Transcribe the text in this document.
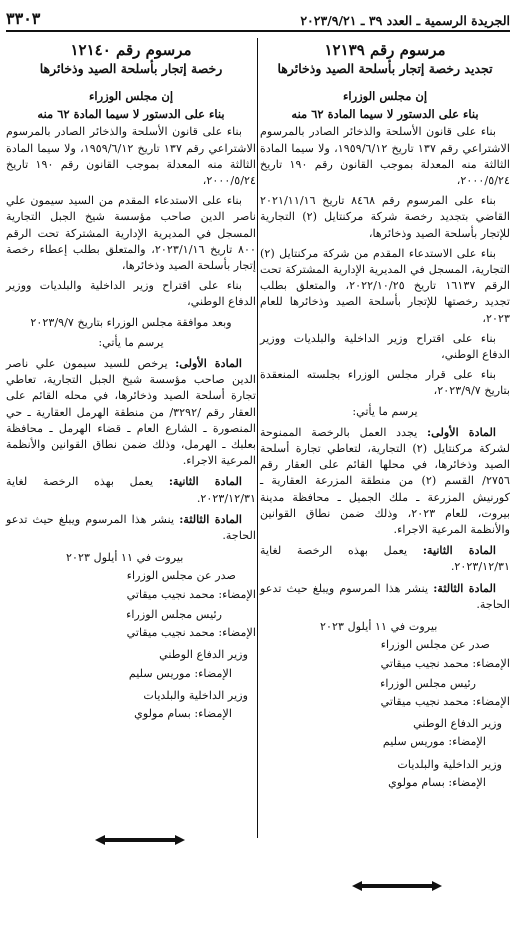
الجريدة الرسمية ـ العدد ٣٩ ـ ٢٠٢٣/٩/٢١
٣٣٠٣
مرسوم رقم ١٢١٣٩
تجديد رخصة إتجار بأسلحة الصيد وذخائرها
إن مجلس الوزراء
بناء على الدستور لا سيما المادة ٦٢ منه

بناء على قانون الأسلحة والذخائر الصادر بالمرسوم الاشتراعي رقم ١٣٧ تاريخ ١٩٥٩/٦/١٢، ولا سيما المادة الثالثة منه المعدلة بموجب القانون رقم ١٩٠ تاريخ ٢٠٠٠/٥/٢٤،

بناء على المرسوم رقم ٨٤٦٨ تاريخ ٢٠٢١/١١/١٦ القاضي بتجديد رخصة شركة مركنتايل (٢) التجارية للإتجار بأسلحة الصيد وذخائرها،

بناء على الاستدعاء المقدم من شركة مركنتايل (٢) التجارية، المسجل في المديرية الإدارية المشتركة تحت الرقم ١٦١٣٧ تاريخ ٢٠٢٢/١٠/٢٥، والمتعلق بطلب تجديد رخصتها للإتجار بأسلحة الصيد وذخائرها للعام ٢٠٢٣،

بناء على اقتراح وزير الداخلية والبلديات ووزير الدفاع الوطني،

بناء على قرار مجلس الوزراء بجلسته المنعقدة بتاريخ ٢٠٢٣/٩/٧،

يرسم ما يأتي:

المادة الأولى: يجدد العمل بالرخصة الممنوحة لشركة مركنتايل (٢) التجارية، لتعاطي تجارة أسلحة الصيد وذخائرها، في محلها القائم على العقار رقم ٢٧٥٦/ القسم (٢) من منطقة المزرعة العقارية ـ كورنيش المزرعة ـ ملك الجميل ـ محافظة مدينة بيروت، للعام ٢٠٢٣، وذلك ضمن نطاق القوانين والأنظمة المرعية الاجراء.

المادة الثانية: يعمل بهذه الرخصة لغاية ٢٠٢٣/١٢/٣١.

المادة الثالثة: ينشر هذا المرسوم ويبلغ حيث تدعو الحاجة.

بيروت في ١١ أيلول ٢٠٢٣
صدر عن مجلس الوزراء
الإمضاء: محمد نجيب ميقاتي
رئيس مجلس الوزراء
الإمضاء: محمد نجيب ميقاتي
وزير الدفاع الوطني
الإمضاء: موريس سليم
وزير الداخلية والبلديات
الإمضاء: بسام مولوي
مرسوم رقم ١٢١٤٠
رخصة إتجار بأسلحة الصيد وذخائرها
إن مجلس الوزراء
بناء على الدستور لا سيما المادة ٦٢ منه

بناء على قانون الأسلحة والذخائر الصادر بالمرسوم الاشتراعي رقم ١٣٧ تاريخ ١٩٥٩/٦/١٢، ولا سيما المادة الثالثة منه المعدلة بموجب القانون رقم ١٩٠ تاريخ ٢٠٠٠/٥/٢٤،

بناء على الاستدعاء المقدم من السيد سيمون علي ناصر الدين صاحب مؤسسة شيخ الجبل التجارية المسجل في المديرية الإدارية المشتركة تحت الرقم ٨٠٠ تاريخ ٢٠٢٣/١/١٦، والمتعلق بطلب إعطاء رخصة إتجار بأسلحة الصيد وذخائرها،

بناء على اقتراح وزير الداخلية والبلديات ووزير الدفاع الوطني،

وبعد موافقة مجلس الوزراء بتاريخ ٢٠٢٣/٩/٧

يرسم ما يأتي:

المادة الأولى: يرخص للسيد سيمون علي ناصر الدين صاحب مؤسسة شيخ الجبل التجارية، تعاطي تجارة أسلحة الصيد وذخائرها، في محله القائم على العقار رقم /٣٢٩٢/ من منطقة الهرمل العقارية ـ حي المنصورة ـ الشارع العام ـ قضاء الهرمل ـ محافظة بعلبك ـ الهرمل، وذلك ضمن نطاق القوانين والأنظمة المرعية الاجراء.

المادة الثانية: يعمل بهذه الرخصة لغاية ٢٠٢٣/١٢/٣١.

المادة الثالثة: ينشر هذا المرسوم ويبلغ حيث تدعو الحاجة.

بيروت في ١١ أيلول ٢٠٢٣
صدر عن مجلس الوزراء
الإمضاء: محمد نجيب ميقاتي
رئيس مجلس الوزراء
الإمضاء: محمد نجيب ميقاتي
وزير الدفاع الوطني
الإمضاء: موريس سليم
وزير الداخلية والبلديات
الإمضاء: بسام مولوي
